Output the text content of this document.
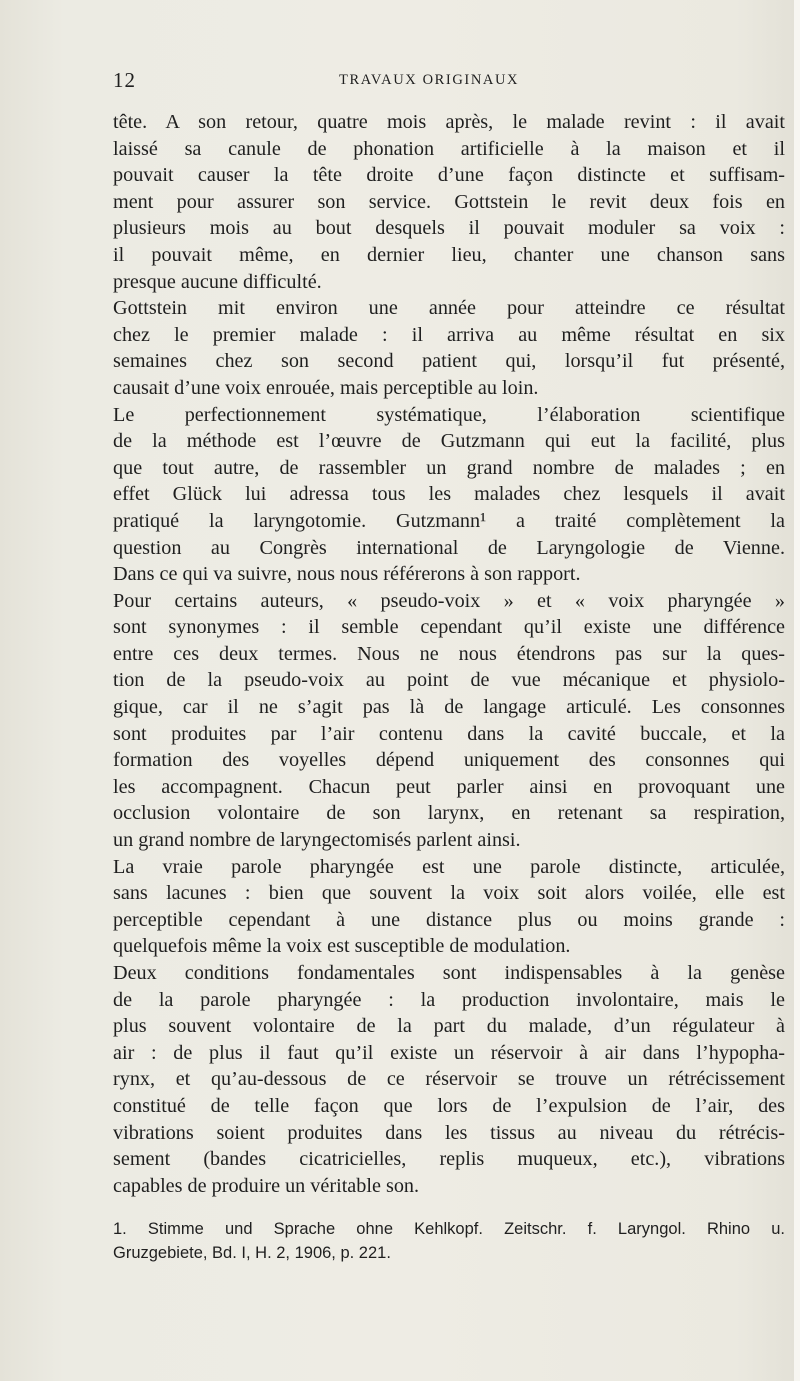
12	TRAVAUX ORIGINAUX
tête. A son retour, quatre mois après, le malade revint : il avait
laissé sa canule de phonation artificielle à la maison et il
pouvait causer la tête droite d’une façon distincte et suffisam-
ment pour assurer son service. Gottstein le revit deux fois en
plusieurs mois au bout desquels il pouvait moduler sa voix :
il pouvait même, en dernier lieu, chanter une chanson sans
presque aucune difficulté.
Gottstein mit environ une année pour atteindre ce résultat
chez le premier malade : il arriva au même résultat en six
semaines chez son second patient qui, lorsqu’il fut présenté,
causait d’une voix enrouée, mais perceptible au loin.
Le perfectionnement systématique, l’élaboration scientifique
de la méthode est l’œuvre de Gutzmann qui eut la facilité, plus
que tout autre, de rassembler un grand nombre de malades ; en
effet Glück lui adressa tous les malades chez lesquels il avait
pratiqué la laryngotomie. Gutzmann¹ a traité complètement la
question au Congrès international de Laryngologie de Vienne.
Dans ce qui va suivre, nous nous référerons à son rapport.
Pour certains auteurs, « pseudo-voix » et « voix pharyngée »
sont synonymes : il semble cependant qu’il existe une différence
entre ces deux termes. Nous ne nous étendrons pas sur la ques-
tion de la pseudo-voix au point de vue mécanique et physiolo-
gique, car il ne s’agit pas là de langage articulé. Les consonnes
sont produites par l’air contenu dans la cavité buccale, et la
formation des voyelles dépend uniquement des consonnes qui
les accompagnent. Chacun peut parler ainsi en provoquant une
occlusion volontaire de son larynx, en retenant sa respiration,
un grand nombre de laryngectomisés parlent ainsi.
La vraie parole pharyngée est une parole distincte, articulée,
sans lacunes : bien que souvent la voix soit alors voilée, elle est
perceptible cependant à une distance plus ou moins grande :
quelquefois même la voix est susceptible de modulation.
Deux conditions fondamentales sont indispensables à la genèse
de la parole pharyngée : la production involontaire, mais le
plus souvent volontaire de la part du malade, d’un régulateur à
air : de plus il faut qu’il existe un réservoir à air dans l’hypopha-
rynx, et qu’au-dessous de ce réservoir se trouve un rétrécissement
constitué de telle façon que lors de l’expulsion de l’air, des
vibrations soient produites dans les tissus au niveau du rétrécis-
sement (bandes cicatricielles, replis muqueux, etc.), vibrations
capables de produire un véritable son.
1. Stimme und Sprache ohne Kehlkopf. Zeitschr. f. Laryngol. Rhino u.
Gruzgebiete, Bd. I, H. 2, 1906, p. 221.
